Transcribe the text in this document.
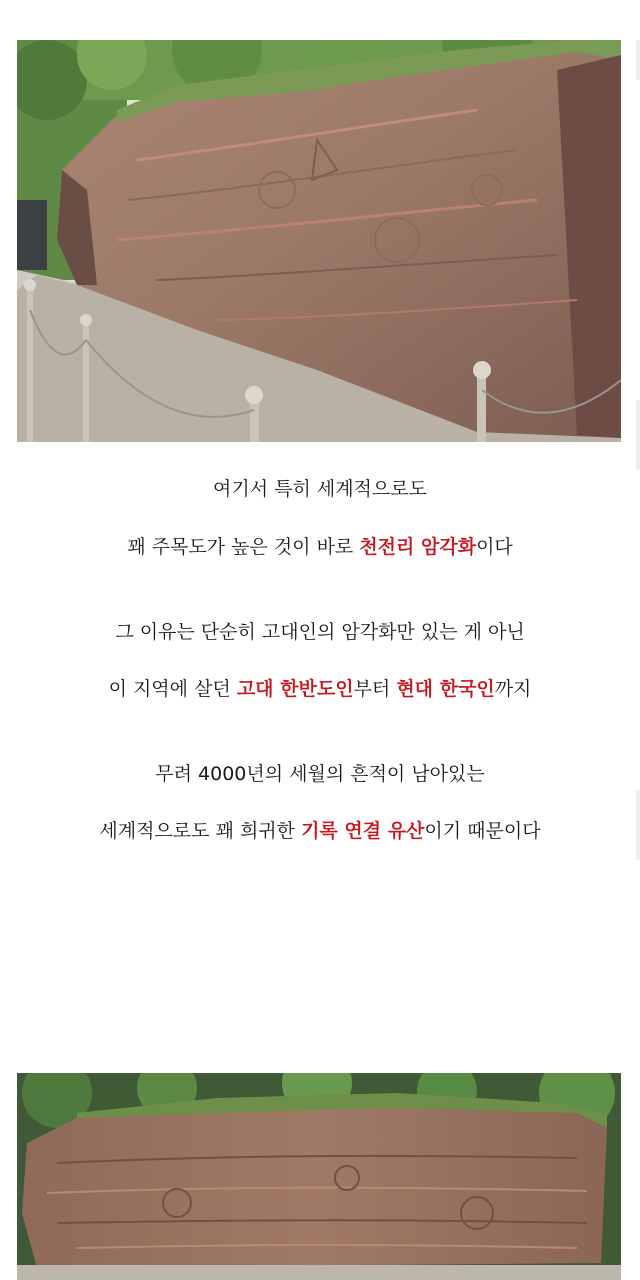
여기서 특히 세계적으로도
꽤 주목도가 높은 것이 바로 천전리 암각화이다
그 이유는 단순히 고대인의 암각화만 있는 게 아닌
이 지역에 살던 고대 한반도인부터 현대 한국인까지
무려 4000년의 세월의 흔적이 남아있는
세계적으로도 꽤 희귀한 기록 연결 유산이기 때문이다
